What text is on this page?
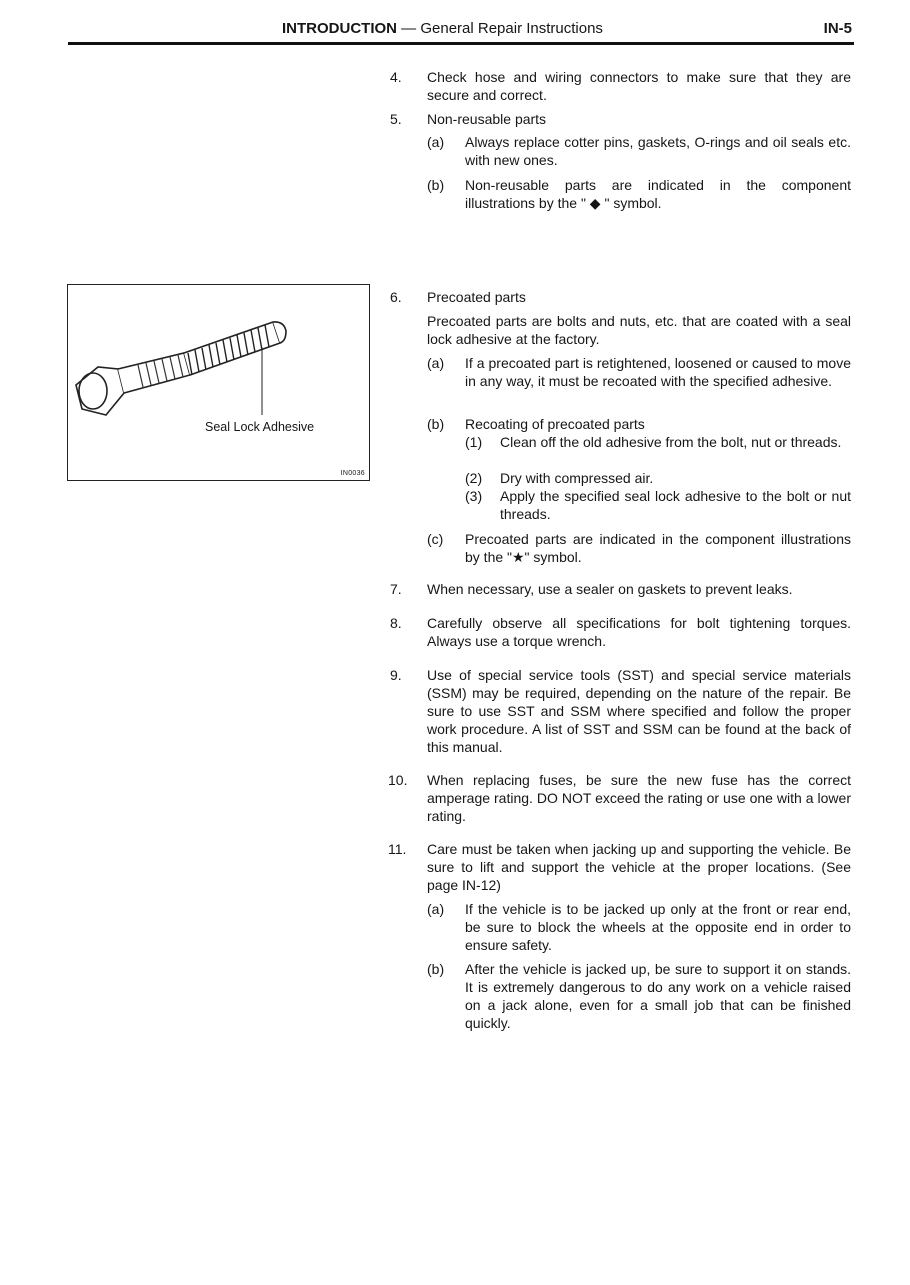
INTRODUCTION — General Repair Instructions	IN-5
Seal Lock Adhesive
IN0036
4. Check hose and wiring connectors to make sure that they are secure and correct.
5. Non-reusable parts
(a) Always replace cotter pins, gaskets, O-rings and oil seals etc. with new ones.
(b) Non-reusable parts are indicated in the component illustrations by the " ◆ " symbol.
6. Precoated parts
Precoated parts are bolts and nuts, etc. that are coated with a seal lock adhesive at the factory.
(a) If a precoated part is retightened, loosened or caused to move in any way, it must be recoated with the specified adhesive.
(b) Recoating of precoated parts
(1) Clean off the old adhesive from the bolt, nut or threads.
(2) Dry with compressed air.
(3) Apply the specified seal lock adhesive to the bolt or nut threads.
(c) Precoated parts are indicated in the component illustrations by the "★" symbol.
7. When necessary, use a sealer on gaskets to prevent leaks.
8. Carefully observe all specifications for bolt tightening torques. Always use a torque wrench.
9. Use of special service tools (SST) and special service materials (SSM) may be required, depending on the nature of the repair. Be sure to use SST and SSM where specified and follow the proper work procedure. A list of SST and SSM can be found at the back of this manual.
10. When replacing fuses, be sure the new fuse has the correct amperage rating. DO NOT exceed the rating or use one with a lower rating.
11. Care must be taken when jacking up and supporting the vehicle. Be sure to lift and support the vehicle at the proper locations. (See page IN-12)
(a) If the vehicle is to be jacked up only at the front or rear end, be sure to block the wheels at the opposite end in order to ensure safety.
(b) After the vehicle is jacked up, be sure to support it on stands. It is extremely dangerous to do any work on a vehicle raised on a jack alone, even for a small job that can be finished quickly.
